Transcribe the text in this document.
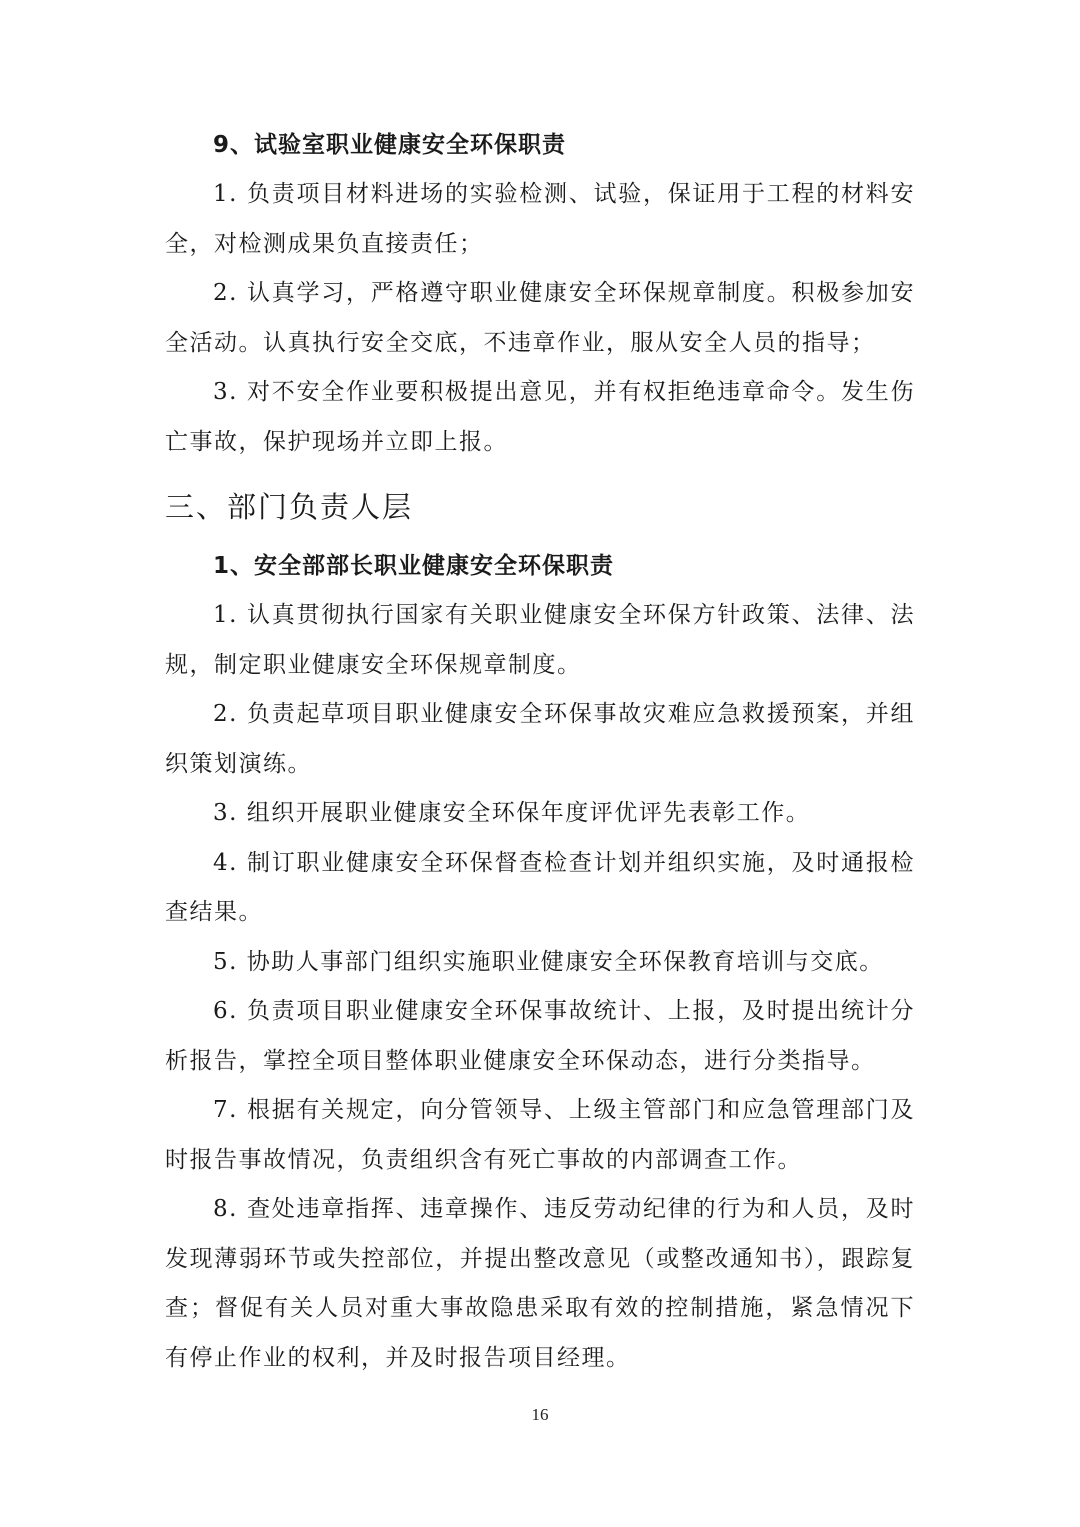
9、试验室职业健康安全环保职责

1. 负责项目材料进场的实验检测、试验，保证用于工程的材料安全，对检测成果负直接责任；

2. 认真学习，严格遵守职业健康安全环保规章制度。积极参加安全活动。认真执行安全交底，不违章作业，服从安全人员的指导；

3. 对不安全作业要积极提出意见，并有权拒绝违章命令。发生伤亡事故，保护现场并立即上报。

三、部门负责人层
1、安全部部长职业健康安全环保职责

1. 认真贯彻执行国家有关职业健康安全环保方针政策、法律、法规，制定职业健康安全环保规章制度。

2. 负责起草项目职业健康安全环保事故灾难应急救援预案，并组织策划演练。

3. 组织开展职业健康安全环保年度评优评先表彰工作。

4. 制订职业健康安全环保督查检查计划并组织实施，及时通报检查结果。

5. 协助人事部门组织实施职业健康安全环保教育培训与交底。

6. 负责项目职业健康安全环保事故统计、上报，及时提出统计分析报告，掌控全项目整体职业健康安全环保动态，进行分类指导。

7. 根据有关规定，向分管领导、上级主管部门和应急管理部门及时报告事故情况，负责组织含有死亡事故的内部调查工作。

8. 查处违章指挥、违章操作、违反劳动纪律的行为和人员，及时发现薄弱环节或失控部位，并提出整改意见（或整改通知书），跟踪复查；督促有关人员对重大事故隐患采取有效的控制措施，紧急情况下有停止作业的权利，并及时报告项目经理。

16
